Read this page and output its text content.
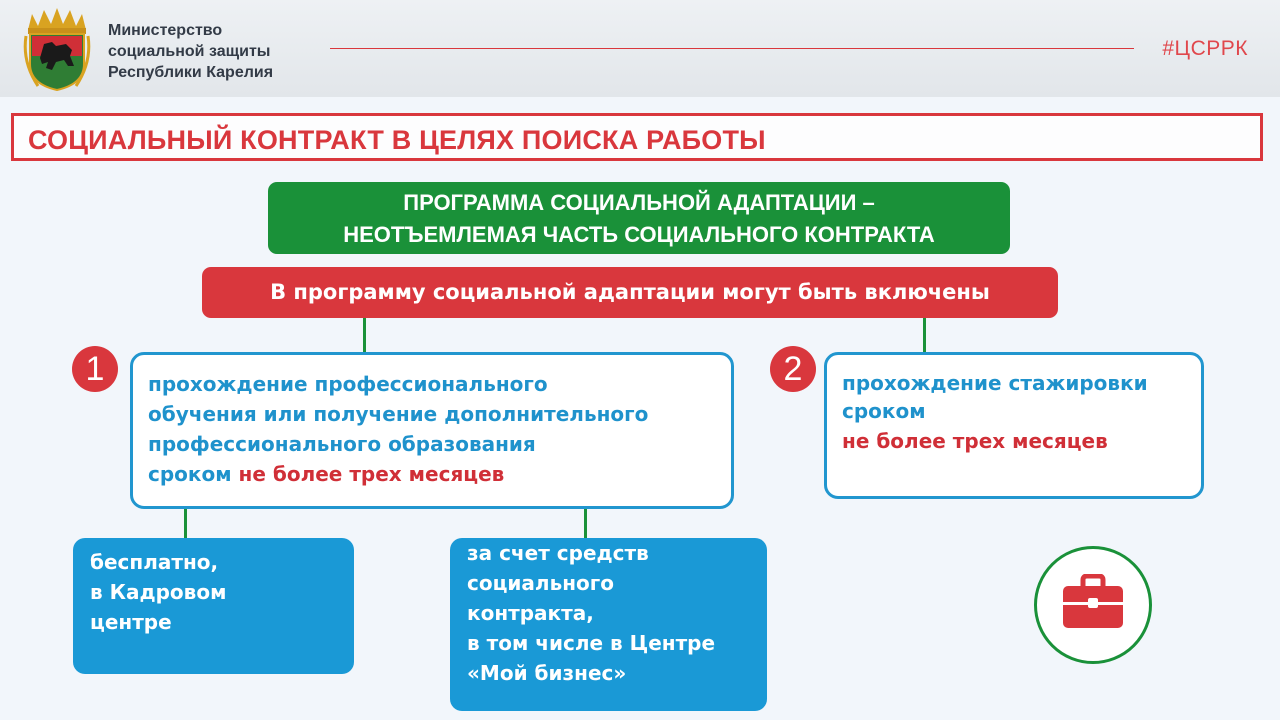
Министерство
социальной защиты
Республики Карелия
#ЦСРРК
СОЦИАЛЬНЫЙ КОНТРАКТ В ЦЕЛЯХ ПОИСКА РАБОТЫ
ПРОГРАММА СОЦИАЛЬНОЙ АДАПТАЦИИ –
НЕОТЪЕМЛЕМАЯ ЧАСТЬ СОЦИАЛЬНОГО КОНТРАКТА
В программу социальной адаптации могут быть включены
1	2
прохождение профессионального
обучения или получение дополнительного
профессионального образования
сроком не более трех месяцев
прохождение стажировки
сроком
не более трех месяцев
бесплатно,
в Кадровом
центре
за счет средств
социального
контракта,
в том числе в Центре
«Мой бизнес»
